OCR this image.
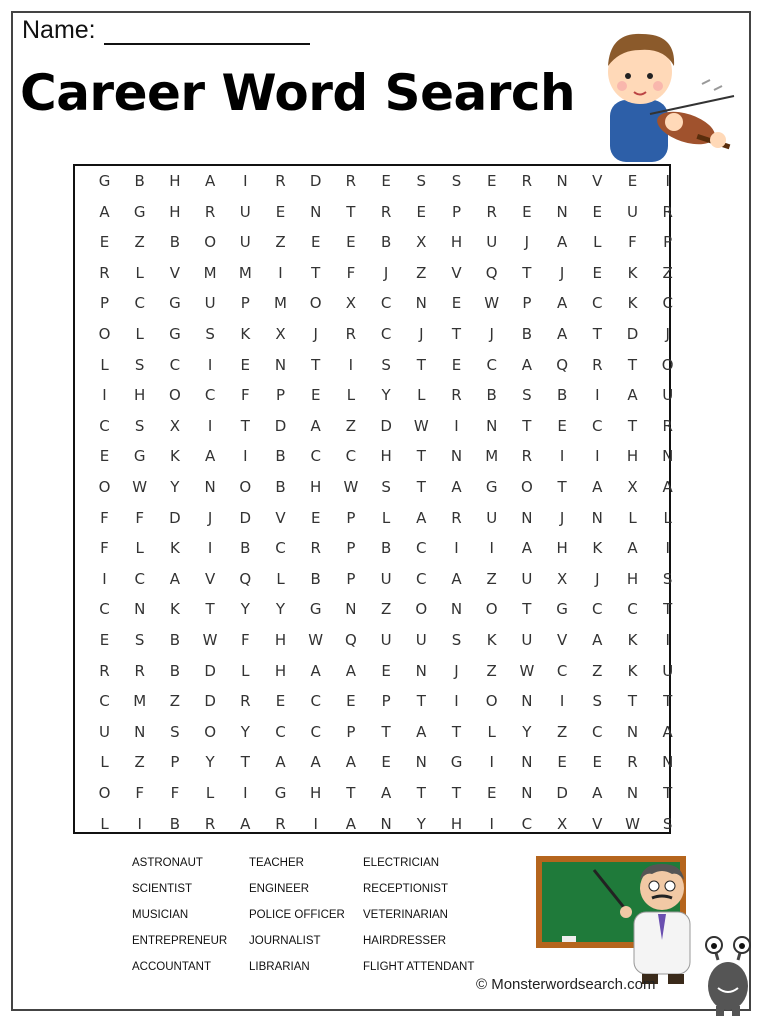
Name:
Career Word Search
G	B	H	A	I	R	D	R	E	S	S	E	R	N	V	E	I
A	G	H	R	U	E	N	T	R	E	P	R	E	N	E	U	R
E	Z	B	O	U	Z	E	E	B	X	H	U	J	A	L	F	P
R	L	V	M	M	I	T	F	J	Z	V	Q	T	J	E	K	Z
P	C	G	U	P	M	O	X	C	N	E	W	P	A	C	K	C
O	L	G	S	K	X	J	R	C	J	T	J	B	A	T	D	J
L	S	C	I	E	N	T	I	S	T	E	C	A	Q	R	T	O
I	H	O	C	F	P	E	L	Y	L	R	B	S	B	I	A	U
C	S	X	I	T	D	A	Z	D	W	I	N	T	E	C	T	R
E	G	K	A	I	B	C	C	H	T	N	M	R	I	I	H	N
O	W	Y	N	O	B	H	W	S	T	A	G	O	T	A	X	A
F	F	D	J	D	V	E	P	L	A	R	U	N	J	N	L	L
F	L	K	I	B	C	R	P	B	C	I	I	A	H	K	A	I
I	C	A	V	Q	L	B	P	U	C	A	Z	U	X	J	H	S
C	N	K	T	Y	Y	G	N	Z	O	N	O	T	G	C	C	T
E	S	B	W	F	H	W	Q	U	U	S	K	U	V	A	K	I
R	R	B	D	L	H	A	A	E	N	J	Z	W	C	Z	K	U
C	M	Z	D	R	E	C	E	P	T	I	O	N	I	S	T	T
U	N	S	O	Y	C	C	P	T	A	T	L	Y	Z	C	N	A
L	Z	P	Y	T	A	A	A	E	N	G	I	N	E	E	R	N
O	F	F	L	I	G	H	T	A	T	T	E	N	D	A	N	T
L	I	B	R	A	R	I	A	N	Y	H	I	C	X	V	W	S
ASTRONAUT	TEACHER	ELECTRICIAN
SCIENTIST	ENGINEER	RECEPTIONIST
MUSICIAN	POLICE OFFICER	VETERINARIAN
ENTREPRENEUR	JOURNALIST	HAIRDRESSER
ACCOUNTANT	LIBRARIAN	FLIGHT ATTENDANT
© Monsterwordsearch.com
